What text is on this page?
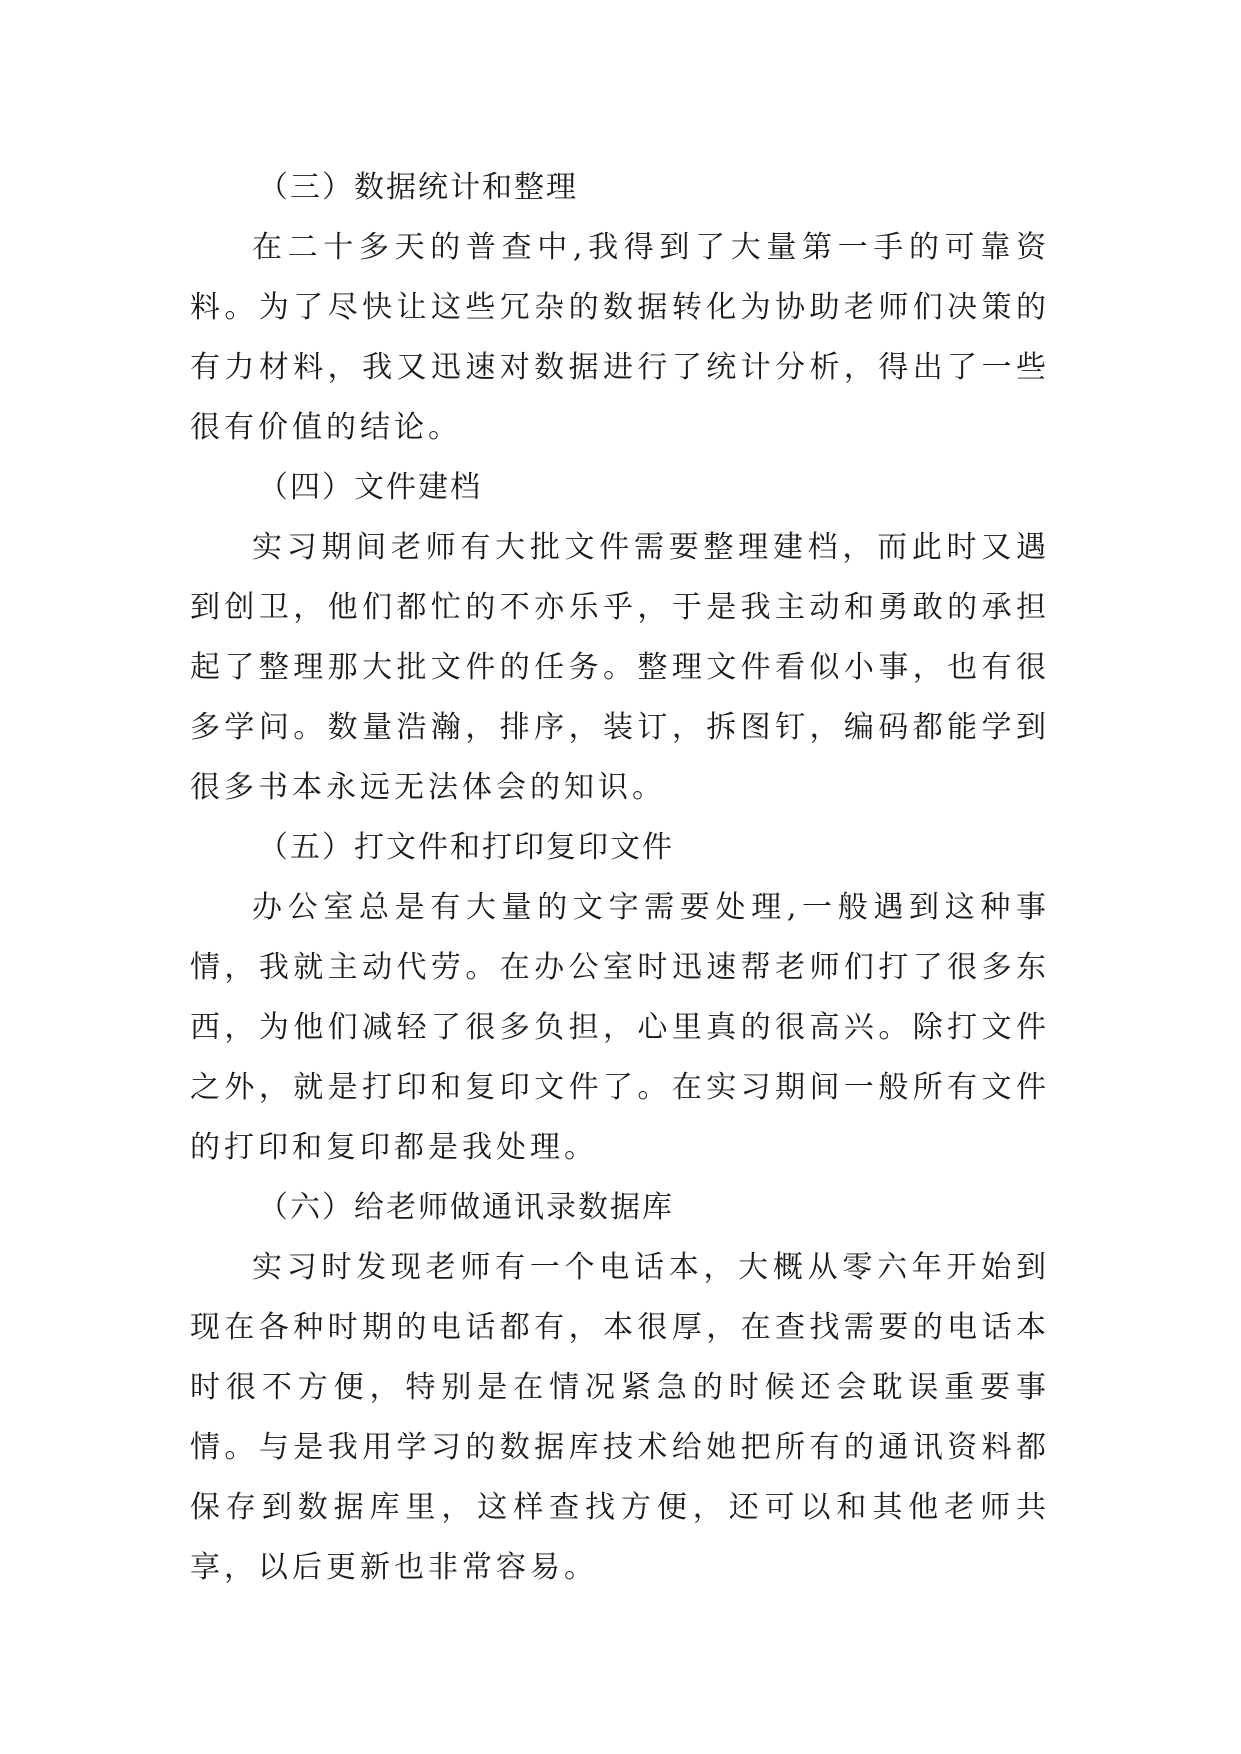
（三）数据统计和整理

在二十多天的普查中,我得到了大量第一手的可靠资料。为了尽快让这些冗杂的数据转化为协助老师们决策的有力材料，我又迅速对数据进行了统计分析，得出了一些很有价值的结论。

（四）文件建档

实习期间老师有大批文件需要整理建档，而此时又遇到创卫，他们都忙的不亦乐乎，于是我主动和勇敢的承担起了整理那大批文件的任务。整理文件看似小事，也有很多学问。数量浩瀚，排序，装订，拆图钉，编码都能学到很多书本永远无法体会的知识。

（五）打文件和打印复印文件

办公室总是有大量的文字需要处理,一般遇到这种事情，我就主动代劳。在办公室时迅速帮老师们打了很多东西，为他们减轻了很多负担，心里真的很高兴。除打文件之外，就是打印和复印文件了。在实习期间一般所有文件的打印和复印都是我处理。

（六）给老师做通讯录数据库

实习时发现老师有一个电话本，大概从零六年开始到现在各种时期的电话都有，本很厚，在查找需要的电话本时很不方便，特别是在情况紧急的时候还会耽误重要事情。与是我用学习的数据库技术给她把所有的通讯资料都保存到数据库里，这样查找方便，还可以和其他老师共享，以后更新也非常容易。
